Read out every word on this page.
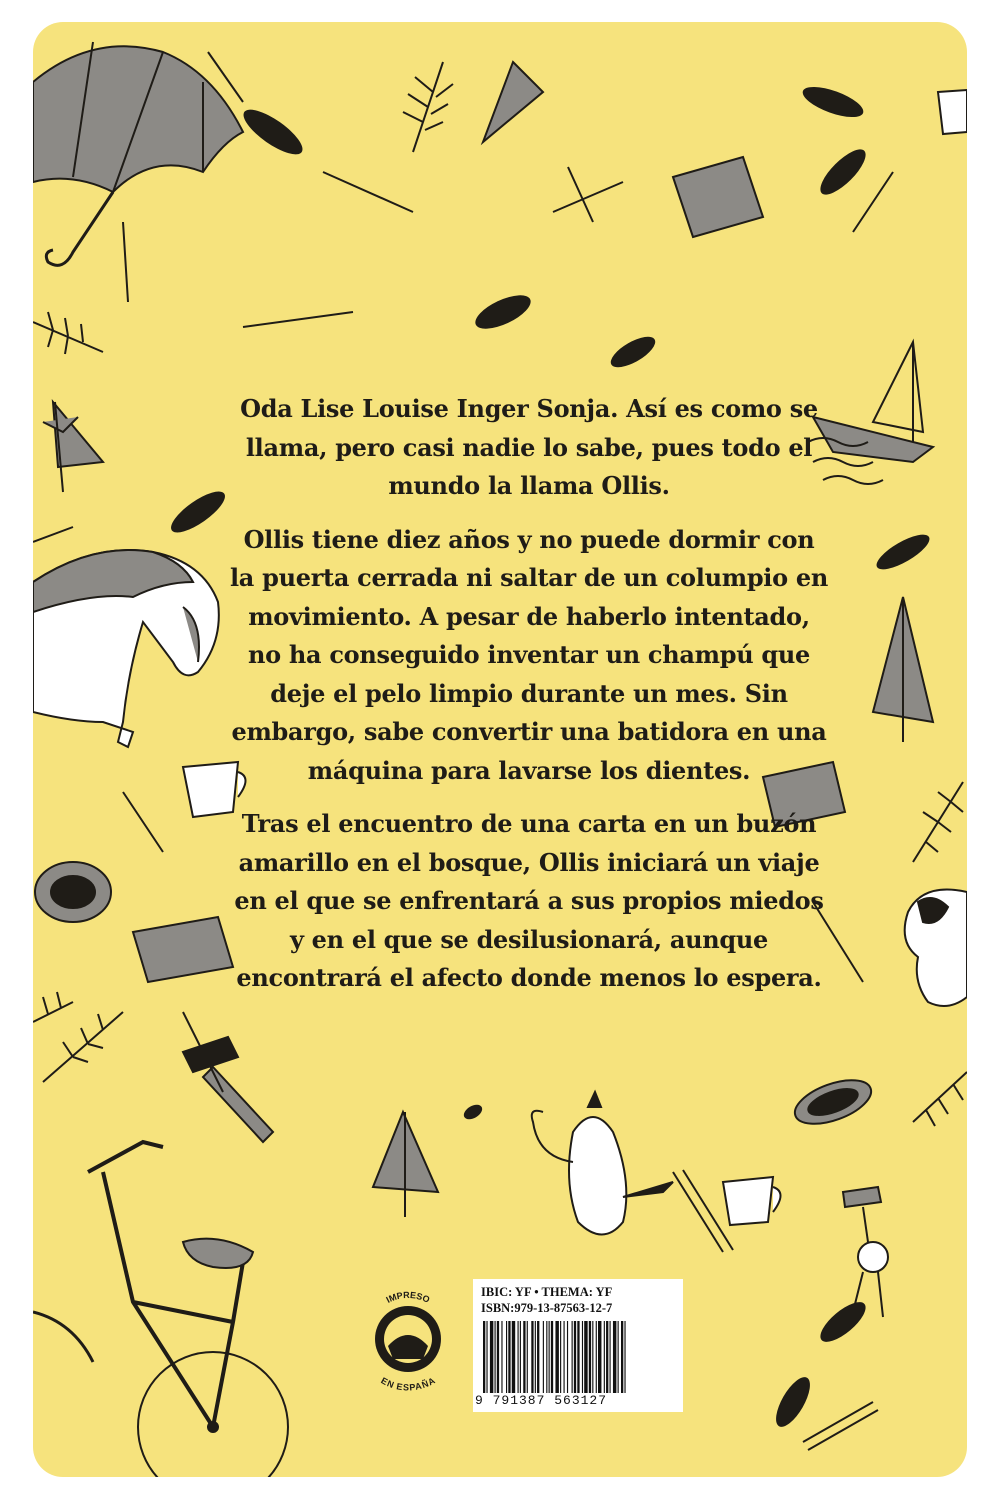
Oda Lise Louise Inger Sonja. Así es como se llama, pero casi nadie lo sabe, pues todo el mundo la llama Ollis.

Ollis tiene diez años y no puede dormir con la puerta cerrada ni saltar de un columpio en movimiento. A pesar de haberlo intentado, no ha conseguido inventar un champú que deje el pelo limpio durante un mes. Sin embargo, sabe convertir una batidora en una máquina para lavarse los dientes.

Tras el encuentro de una carta en un buzón amarillo en el bosque, Ollis iniciará un viaje en el que se enfrentará a sus propios miedos y en el que se desilusionará, aunque encontrará el afecto donde menos lo espera.

IMPRESO
EN ESPAÑA
IBIC: YF • THEMA: YF
ISBN:979-13-87563-12-7
9 791387 563127
